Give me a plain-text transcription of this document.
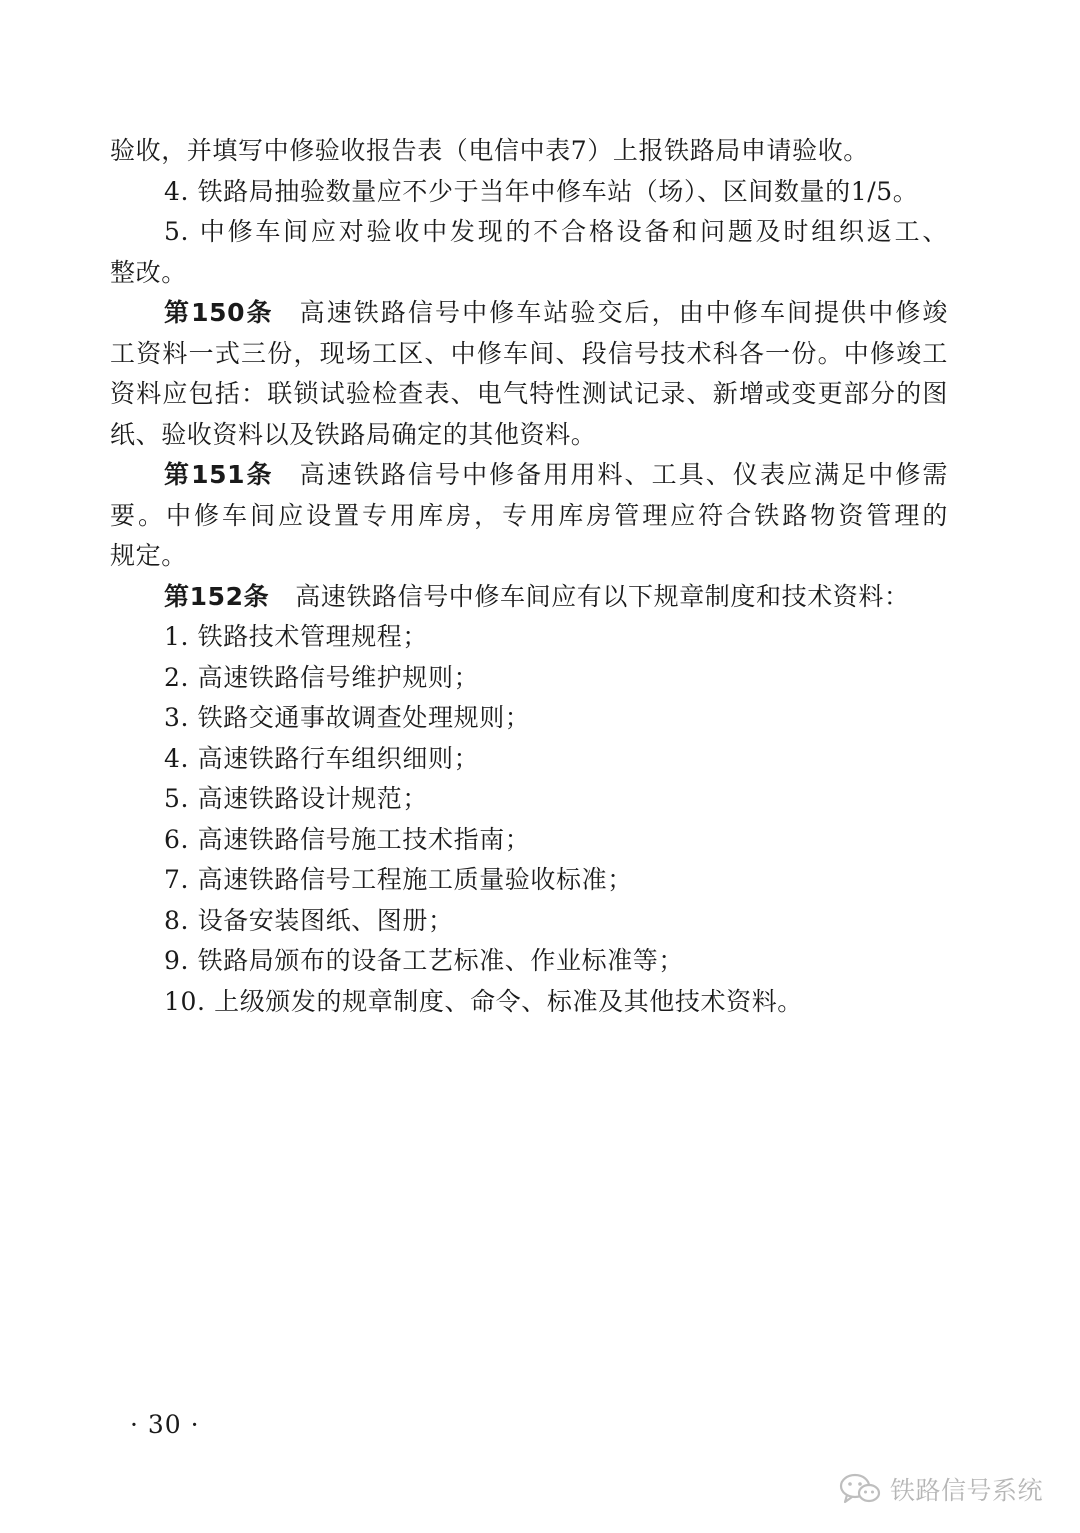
验收，并填写中修验收报告表（电信中表7）上报铁路局申请验收。
4. 铁路局抽验数量应不少于当年中修车站（场）、区间数量的1/5。
5. 中修车间应对验收中发现的不合格设备和问题及时组织返工、
整改。
第150条 高速铁路信号中修车站验交后，由中修车间提供中修竣
工资料一式三份，现场工区、中修车间、段信号技术科各一份。中修竣工
资料应包括：联锁试验检查表、电气特性测试记录、新增或变更部分的图
纸、验收资料以及铁路局确定的其他资料。
第151条 高速铁路信号中修备用用料、工具、仪表应满足中修需
要。中修车间应设置专用库房，专用库房管理应符合铁路物资管理的
规定。
第152条 高速铁路信号中修车间应有以下规章制度和技术资料：
1. 铁路技术管理规程；
2. 高速铁路信号维护规则；
3. 铁路交通事故调查处理规则；
4. 高速铁路行车组织细则；
5. 高速铁路设计规范；
6. 高速铁路信号施工技术指南；
7. 高速铁路信号工程施工质量验收标准；
8. 设备安装图纸、图册；
9. 铁路局颁布的设备工艺标准、作业标准等；
10. 上级颁发的规章制度、命令、标准及其他技术资料。
· 30 ·
铁路信号系统
